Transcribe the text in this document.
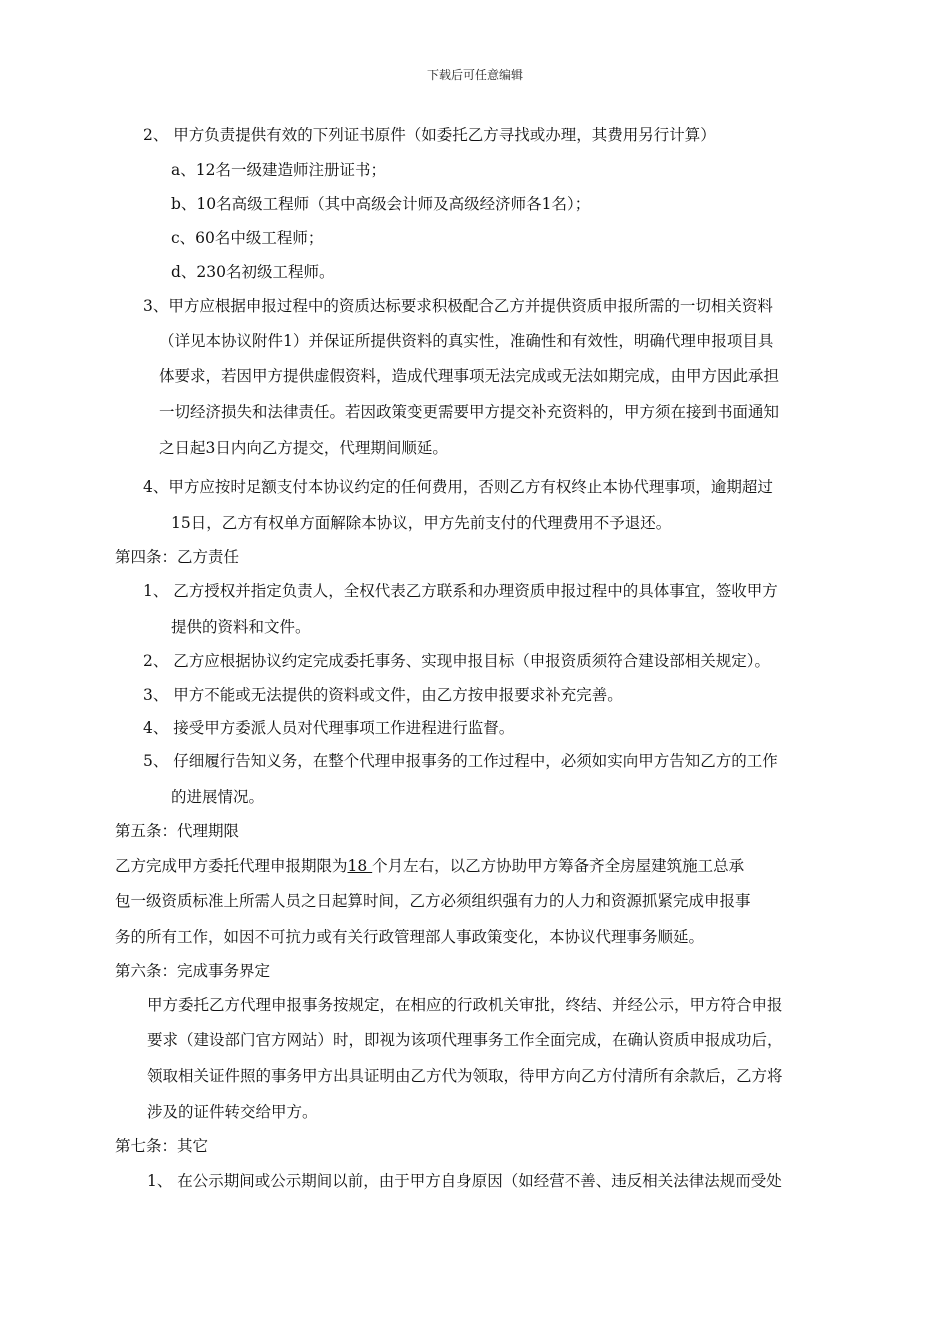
下载后可任意编辑
2、 甲方负责提供有效的下列证书原件（如委托乙方寻找或办理，其费用另行计算）
a、12名一级建造师注册证书；
b、10名高级工程师（其中高级会计师及高级经济师各1名）；
c、60名中级工程师；
d、230名初级工程师。
3、甲方应根据申报过程中的资质达标要求积极配合乙方并提供资质申报所需的一切相关资料
（详见本协议附件1）并保证所提供资料的真实性，准确性和有效性，明确代理申报项目具
体要求，若因甲方提供虚假资料，造成代理事项无法完成或无法如期完成，由甲方因此承担
一切经济损失和法律责任。若因政策变更需要甲方提交补充资料的，甲方须在接到书面通知
之日起3日内向乙方提交，代理期间顺延。
4、甲方应按时足额支付本协议约定的任何费用，否则乙方有权终止本协代理事项，逾期超过
15日，乙方有权单方面解除本协议，甲方先前支付的代理费用不予退还。
第四条：乙方责任
1、 乙方授权并指定负责人，全权代表乙方联系和办理资质申报过程中的具体事宜，签收甲方
提供的资料和文件。
2、 乙方应根据协议约定完成委托事务、实现申报目标（申报资质须符合建设部相关规定）。
3、 甲方不能或无法提供的资料或文件，由乙方按申报要求补充完善。
4、 接受甲方委派人员对代理事项工作进程进行监督。
5、 仔细履行告知义务，在整个代理申报事务的工作过程中，必须如实向甲方告知乙方的工作
的进展情况。
第五条：代理期限
乙方完成甲方委托代理申报期限为18 个月左右，以乙方协助甲方筹备齐全房屋建筑施工总承
包一级资质标准上所需人员之日起算时间，乙方必须组织强有力的人力和资源抓紧完成申报事
务的所有工作，如因不可抗力或有关行政管理部人事政策变化，本协议代理事务顺延。
第六条：完成事务界定
甲方委托乙方代理申报事务按规定，在相应的行政机关审批，终结、并经公示，甲方符合申报
要求（建设部门官方网站）时，即视为该项代理事务工作全面完成，在确认资质申报成功后，
领取相关证件照的事务甲方出具证明由乙方代为领取，待甲方向乙方付清所有余款后，乙方将
涉及的证件转交给甲方。
第七条：其它
1、 在公示期间或公示期间以前，由于甲方自身原因（如经营不善、违反相关法律法规而受处
